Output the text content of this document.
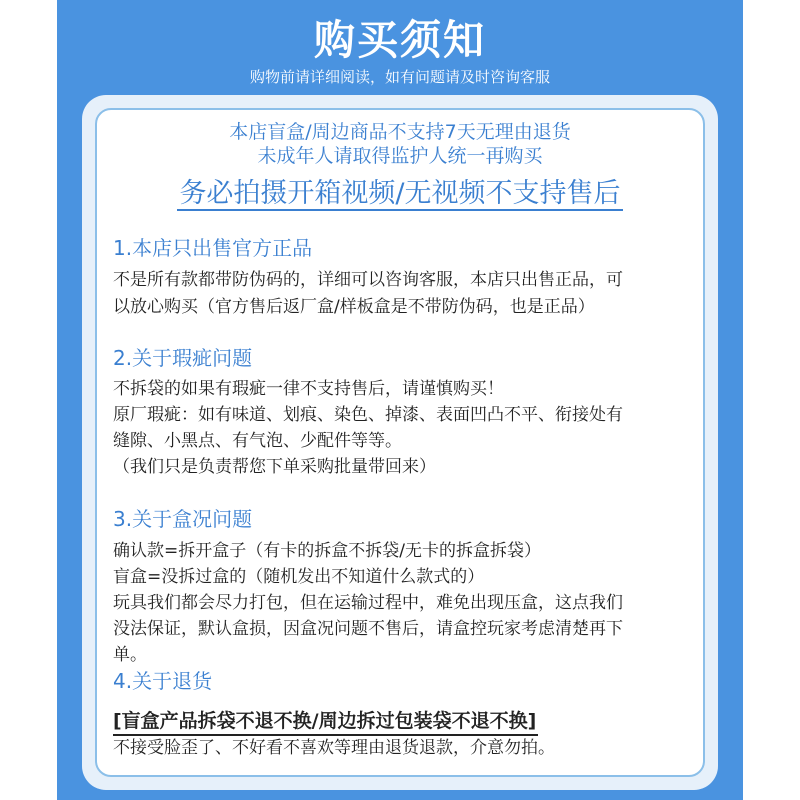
购买须知
购物前请详细阅读，如有问题请及时咨询客服
本店盲盒/周边商品不支持7天无理由退货
未成年人请取得监护人统一再购买
务必拍摄开箱视频/无视频不支持售后
1.本店只出售官方正品
不是所有款都带防伪码的，详细可以咨询客服，本店只出售正品，可
以放心购买（官方售后返厂盒/样板盒是不带防伪码，也是正品）
2.关于瑕疵问题
不拆袋的如果有瑕疵一律不支持售后，请谨慎购买！
原厂瑕疵：如有味道、划痕、染色、掉漆、表面凹凸不平、衔接处有
缝隙、小黑点、有气泡、少配件等等。
（我们只是负责帮您下单采购批量带回来）
3.关于盒况问题
确认款=拆开盒子（有卡的拆盒不拆袋/无卡的拆盒拆袋）
盲盒=没拆过盒的（随机发出不知道什么款式的）
玩具我们都会尽力打包，但在运输过程中，难免出现压盒，这点我们
没法保证，默认盒损，因盒况问题不售后，请盒控玩家考虑清楚再下
单。
4.关于退货
[盲盒产品拆袋不退不换/周边拆过包装袋不退不换]
不接受脸歪了、不好看不喜欢等理由退货退款，介意勿拍。
